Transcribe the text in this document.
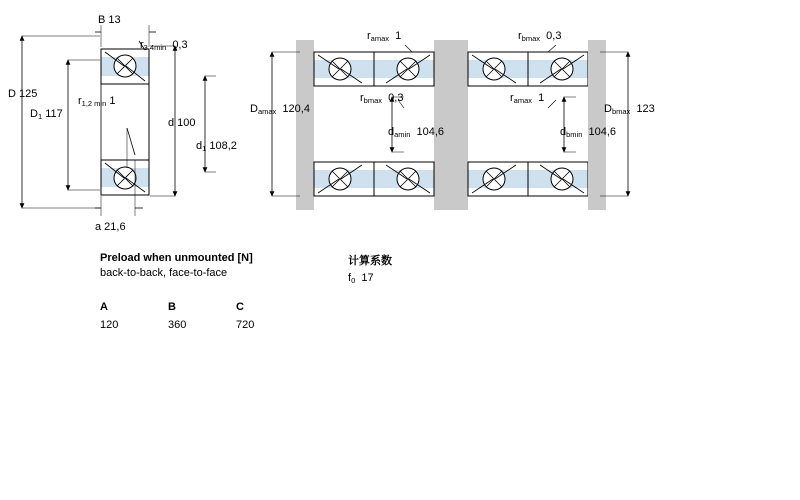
B 13
$r_{3,4min}$ 0,3
D 125
$D_1$ 117
$r_{1,2 min}$ 1
d 100
$d_1$ 108,2
a 21,6
$r_{amax}$ 1	$r_{bmax}$ 0,3
$D_{amax}$ 120,4
$r_{bmax}$ 0,3	$r_{amax}$ 1
$D_{bmax}$ 123
$d_{amin}$ 104,6	$d_{bmin}$ 104,6
Preload when unmounted [N]
back-to-back, face-to-face
A	B	C
120	360	720
计算系数
$f_0$ 17
